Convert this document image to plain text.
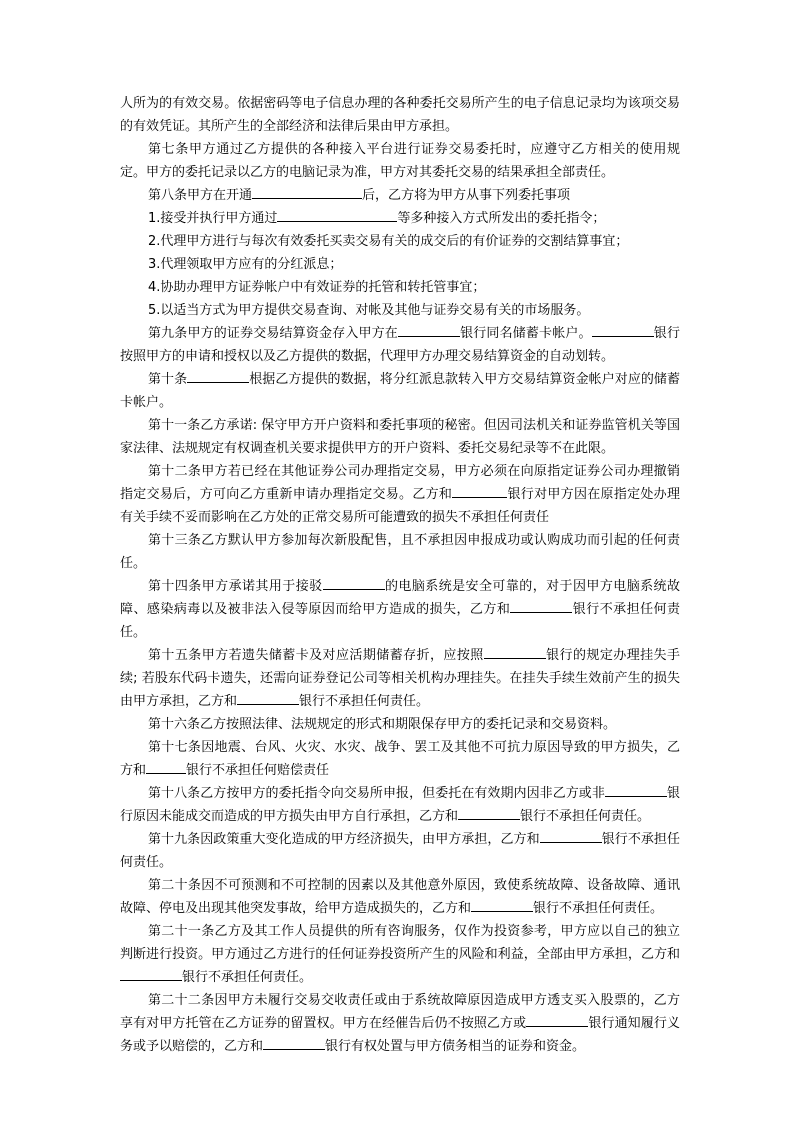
人所为的有效交易。依据密码等电子信息办理的各种委托交易所产生的电子信息记录均为该项交易的有效凭证。其所产生的全部经济和法律后果由甲方承担。

第七条甲方通过乙方提供的各种接入平台进行证券交易委托时，应遵守乙方相关的使用规定。甲方的委托记录以乙方的电脑记录为准，甲方对其委托交易的结果承担全部责任。

第八条甲方在开通	后，乙方将为甲方从事下列委托事项

1.接受并执行甲方通过	等多种接入方式所发出的委托指令；

2.代理甲方进行与每次有效委托买卖交易有关的成交后的有价证券的交割结算事宜；

3.代理领取甲方应有的分红派息；

4.协助办理甲方证券帐户中有效证券的托管和转托管事宜；

5.以适当方式为甲方提供交易查询、对帐及其他与证券交易有关的市场服务。

第九条甲方的证券交易结算资金存入甲方在	银行同名储蓄卡帐户。	银行按照甲方的申请和授权以及乙方提供的数据，代理甲方办理交易结算资金的自动划转。

第十条	根据乙方提供的数据，将分红派息款转入甲方交易结算资金帐户对应的储蓄卡帐户。

第十一条乙方承诺: 保守甲方开户资料和委托事项的秘密。但因司法机关和证券监管机关等国家法律、法规规定有权调查机关要求提供甲方的开户资料、委托交易纪录等不在此限。

第十二条甲方若已经在其他证券公司办理指定交易，甲方必须在向原指定证券公司办理撤销指定交易后，方可向乙方重新申请办理指定交易。乙方和	银行对甲方因在原指定处办理有关手续不妥而影响在乙方处的正常交易所可能遭致的损失不承担任何责任

第十三条乙方默认甲方参加每次新股配售，且不承担因申报成功或认购成功而引起的任何责任。

第十四条甲方承诺其用于接驳	的电脑系统是安全可靠的，对于因甲方电脑系统故障、感染病毒以及被非法入侵等原因而给甲方造成的损失，乙方和	银行不承担任何责任。

第十五条甲方若遗失储蓄卡及对应活期储蓄存折，应按照	银行的规定办理挂失手续; 若股东代码卡遗失，还需向证券登记公司等相关机构办理挂失。在挂失手续生效前产生的损失由甲方承担，乙方和	银行不承担任何责任。

第十六条乙方按照法律、法规规定的形式和期限保存甲方的委托记录和交易资料。

第十七条因地震、台风、火灾、水灾、战争、罢工及其他不可抗力原因导致的甲方损失，乙方和	银行不承担任何赔偿责任

第十八条乙方按甲方的委托指令向交易所申报，但委托在有效期内因非乙方或非	银行原因未能成交而造成的甲方损失由甲方自行承担，乙方和	银行不承担任何责任。

第十九条因政策重大变化造成的甲方经济损失，由甲方承担，乙方和	银行不承担任何责任。

第二十条因不可预测和不可控制的因素以及其他意外原因，致使系统故障、设备故障、通讯故障、停电及出现其他突发事故，给甲方造成损失的，乙方和	银行不承担任何责任。

第二十一条乙方及其工作人员提供的所有咨询服务，仅作为投资参考，甲方应以自己的独立判断进行投资。甲方通过乙方进行的任何证券投资所产生的风险和利益，全部由甲方承担，乙方和银行不承担任何责任。

第二十二条因甲方未履行交易交收责任或由于系统故障原因造成甲方透支买入股票的，乙方享有对甲方托管在乙方证券的留置权。甲方在经催告后仍不按照乙方或	银行通知履行义务或予以赔偿的，乙方和	银行有权处置与甲方债务相当的证券和资金。
